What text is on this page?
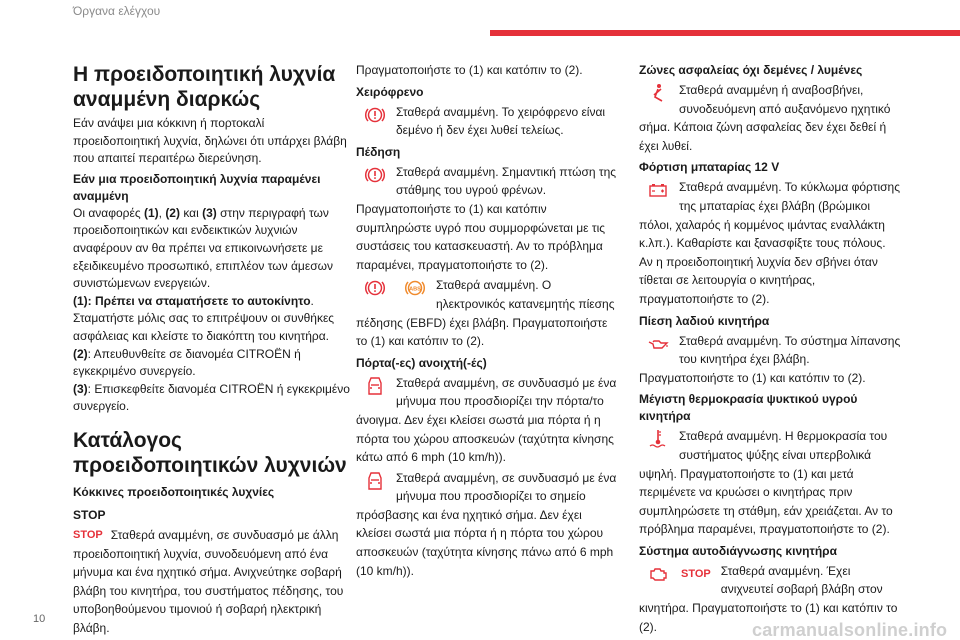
Όργανα ελέγχου
Η προειδοποιητική λυχνία αναμμένη διαρκώς

Εάν ανάψει μια κόκκινη ή πορτοκαλί προειδοποιητική λυχνία, δηλώνει ότι υπάρχει βλάβη που απαιτεί περαιτέρω διερεύνηση.

Εάν μια προειδοποιητική λυχνία παραμένει αναμμένη

Οι αναφορές (1), (2) και (3) στην περιγραφή των προειδοποιητικών και ενδεικτικών λυχνιών αναφέρουν αν θα πρέπει να επικοινωνήσετε με εξειδικευμένο προσωπικό, επιπλέον των άμεσων συνιστώμενων ενεργειών.

(1): Πρέπει να σταματήσετε το αυτοκίνητο. Σταματήστε μόλις σας το επιτρέψουν οι συνθήκες ασφάλειας και κλείστε το διακόπτη του κινητήρα.

(2): Απευθυνθείτε σε διανομέα CITROËN ή εγκεκριμένο συνεργείο.

(3): Επισκεφθείτε διανομέα CITROËN ή εγκεκριμένο συνεργείο.

Κατάλογος προειδοποιητικών λυχνιών
Κόκκινες προειδοποιητικές λυχνίες
STOP
STOP Σταθερά αναμμένη, σε συνδυασμό με άλλη προειδοποιητική λυχνία, συνοδευόμενη από ένα μήνυμα και ένα ηχητικό σήμα. Ανιχνεύτηκε σοβαρή βλάβη του κινητήρα, του συστήματος πέδησης, του υποβοηθούμενου τιμονιού ή σοβαρή ηλεκτρική βλάβη.

Πραγματοποιήστε το (1) και κατόπιν το (2).

Χειρόφρενο
Σταθερά αναμμένη. Το χειρόφρενο είναι δεμένο ή δεν έχει λυθεί τελείως.
Πέδηση
Σταθερά αναμμένη. Σημαντική πτώση της στάθμης του υγρού φρένων. Πραγματοποιήστε το (1) και κατόπιν συμπληρώστε υγρό που συμμορφώνεται με τις συστάσεις του κατασκευαστή. Αν το πρόβλημα παραμένει, πραγματοποιήστε το (2).
ABS Σταθερά αναμμένη. Ο ηλεκτρονικός κατανεμητής πίεσης πέδησης (EBFD) έχει βλάβη. Πραγματοποιήστε το (1) και κατόπιν το (2).
Πόρτα(-ες) ανοιχτή(-ές)
Σταθερά αναμμένη, σε συνδυασμό με ένα μήνυμα που προσδιορίζει την πόρτα/το άνοιγμα. Δεν έχει κλείσει σωστά μια πόρτα ή η πόρτα του χώρου αποσκευών (ταχύτητα κίνησης κάτω από 6 mph (10 km/h)).
Σταθερά αναμμένη, σε συνδυασμό με ένα μήνυμα που προσδιορίζει το σημείο πρόσβασης και ένα ηχητικό σήμα. Δεν έχει κλείσει σωστά μια πόρτα ή η πόρτα του χώρου αποσκευών (ταχύτητα κίνησης πάνω από 6 mph (10 km/h)).
Ζώνες ασφαλείας όχι δεμένες / λυμένες
Σταθερά αναμμένη ή αναβοσβήνει, συνοδευόμενη από αυξανόμενο ηχητικό σήμα. Κάποια ζώνη ασφαλείας δεν έχει δεθεί ή έχει λυθεί.
Φόρτιση μπαταρίας 12 V
Σταθερά αναμμένη. Το κύκλωμα φόρτισης της μπαταρίας έχει βλάβη (βρώμικοι πόλοι, χαλαρός ή κομμένος ιμάντας εναλλάκτη κ.λπ.). Καθαρίστε και ξανασφίξτε τους πόλους. Αν η προειδοποιητική λυχνία δεν σβήνει όταν τίθεται σε λειτουργία ο κινητήρας, πραγματοποιήστε το (2).
Πίεση λαδιού κινητήρα
Σταθερά αναμμένη. Το σύστημα λίπανσης του κινητήρα έχει βλάβη. Πραγματοποιήστε το (1) και κατόπιν το (2).
Μέγιστη θερμοκρασία ψυκτικού υγρού κινητήρα
Σταθερά αναμμένη. Η θερμοκρασία του συστήματος ψύξης είναι υπερβολικά υψηλή. Πραγματοποιήστε το (1) και μετά περιμένετε να κρυώσει ο κινητήρας πριν συμπληρώσετε τη στάθμη, εάν χρειάζεται. Αν το πρόβλημα παραμένει, πραγματοποιήστε το (2).
Σύστημα αυτοδιάγνωσης κινητήρα
STOP Σταθερά αναμμένη. Έχει ανιχνευτεί σοβαρή βλάβη στον κινητήρα. Πραγματοποιήστε το (1) και κατόπιν το (2).
10
carmanualsonline.info
